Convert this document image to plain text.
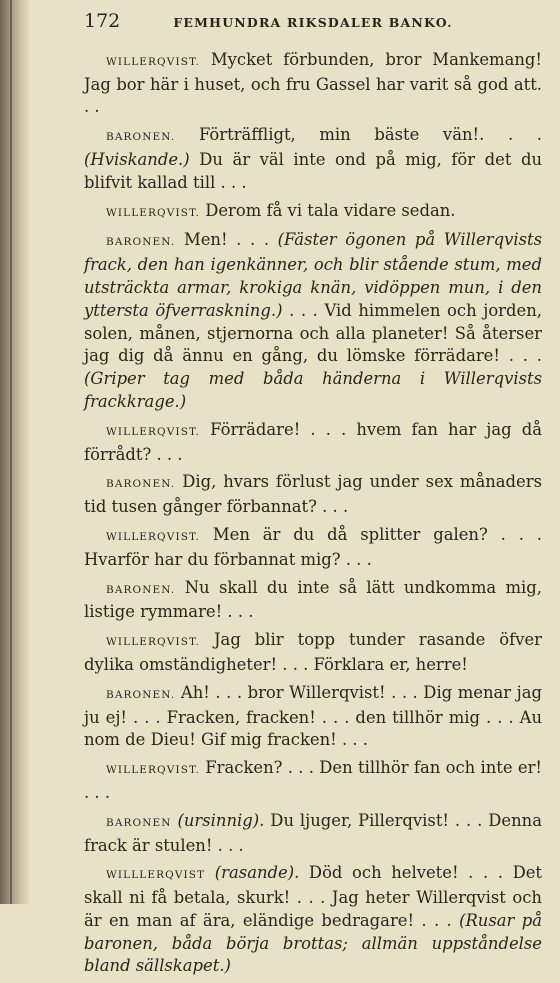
172	FEMHUNDRA RIKSDALER BANKO.

WILLERQVIST. Mycket förbunden, bror Mankemang! Jag bor här i huset, och fru Gassel har varit så god att. . .

BARONEN. Förträffligt, min bäste vän!. . . (Hviskande.) Du är väl inte ond på mig, för det du blifvit kallad till . . .

WILLERQVIST. Derom få vi tala vidare sedan.

BARONEN. Men! . . . (Fäster ögonen på Willerqvists frack, den han igenkänner, och blir stående stum, med utsträckta armar, krokiga knän, vidöppen mun, i den yttersta öfverraskning.) . . . Vid himmelen och jorden, solen, månen, stjernorna och alla planeter! Så återser jag dig då ännu en gång, du lömske förrädare! . . . (Griper tag med båda händerna i Willerqvists frackkrage.)

WILLERQVIST. Förrädare! . . . hvem fan har jag då förrådt? . . .

BARONEN. Dig, hvars förlust jag under sex månaders tid tusen gånger förbannat? . . .

WILLERQVIST. Men är du då splitter galen? . . . Hvarför har du förbannat mig? . . .

BARONEN. Nu skall du inte så lätt undkomma mig, listige rymmare! . . .

WILLERQVIST. Jag blir topp tunder rasande öfver dylika omständigheter! . . . Förklara er, herre!

BARONEN. Ah! . . . bror Willerqvist! . . . Dig menar jag ju ej! . . . Fracken, fracken! . . . den tillhör mig . . . Au nom de Dieu! Gif mig fracken! . . .

WILLERQVIST. Fracken? . . . Den tillhör fan och inte er! . . .

BARONEN (ursinnig). Du ljuger, Pillerqvist! . . . Denna frack är stulen! . . .

WILLLERQVIST (rasande). Död och helvete! . . . Det skall ni få betala, skurk! . . . Jag heter Willerqvist och är en man af ära, eländige bedragare! . . . (Rusar på baronen, båda börja brottas; allmän uppståndelse bland sällskapet.)
